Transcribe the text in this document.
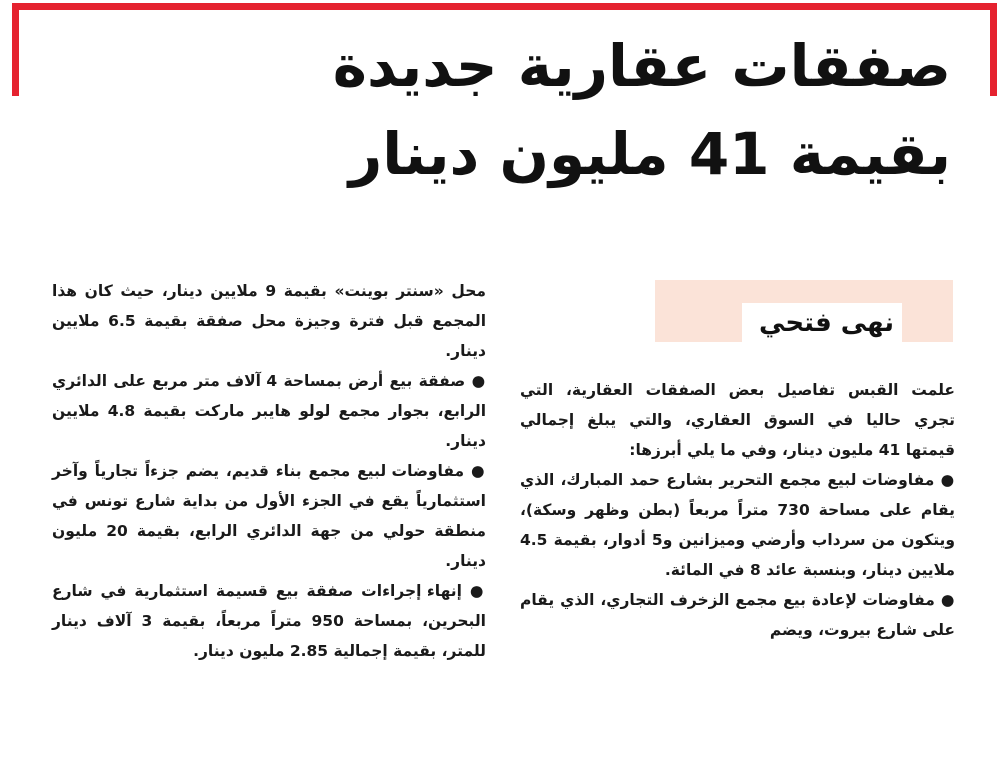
صفقات عقارية جديدة
بقيمة 41 مليون دينار
نهى فتحي

علمت القبس تفاصيل بعض الصفقات العقارية، التي تجري حاليا في السوق العقاري، والتي يبلغ إجمالي قيمتها 41 مليون دينار، وفي ما يلي أبرزها:

● مفاوضات لبيع مجمع التحرير بشارع حمد المبارك، الذي يقام على مساحة 730 متراً مربعاً (بطن وظهر وسكة)، ويتكون من سرداب وأرضي وميزانين و5 أدوار، بقيمة 4.5 ملايين دينار، وبنسبة عائد 8 في المائة.

● مفاوضات لإعادة بيع مجمع الزخرف التجاري، الذي يقام على شارع بيروت، ويضم

محل «سنتر بوينت» بقيمة 9 ملايين دينار، حيث كان هذا المجمع قبل فترة وجيزة محل صفقة بقيمة 6.5 ملايين دينار.

● صفقة بيع أرض بمساحة 4 آلاف متر مربع على الدائري الرابع، بجوار مجمع لولو هايبر ماركت بقيمة 4.8 ملايين دينار.

● مفاوضات لبيع مجمع بناء قديم، يضم جزءاً تجارياً وآخر استثمارياً يقع في الجزء الأول من بداية شارع تونس في منطقة حولي من جهة الدائري الرابع، بقيمة 20 مليون دينار.

● إنهاء إجراءات صفقة بيع قسيمة استثمارية في شارع البحرين، بمساحة 950 متراً مربعاً، بقيمة 3 آلاف دينار للمتر، بقيمة إجمالية 2.85 مليون دينار.
